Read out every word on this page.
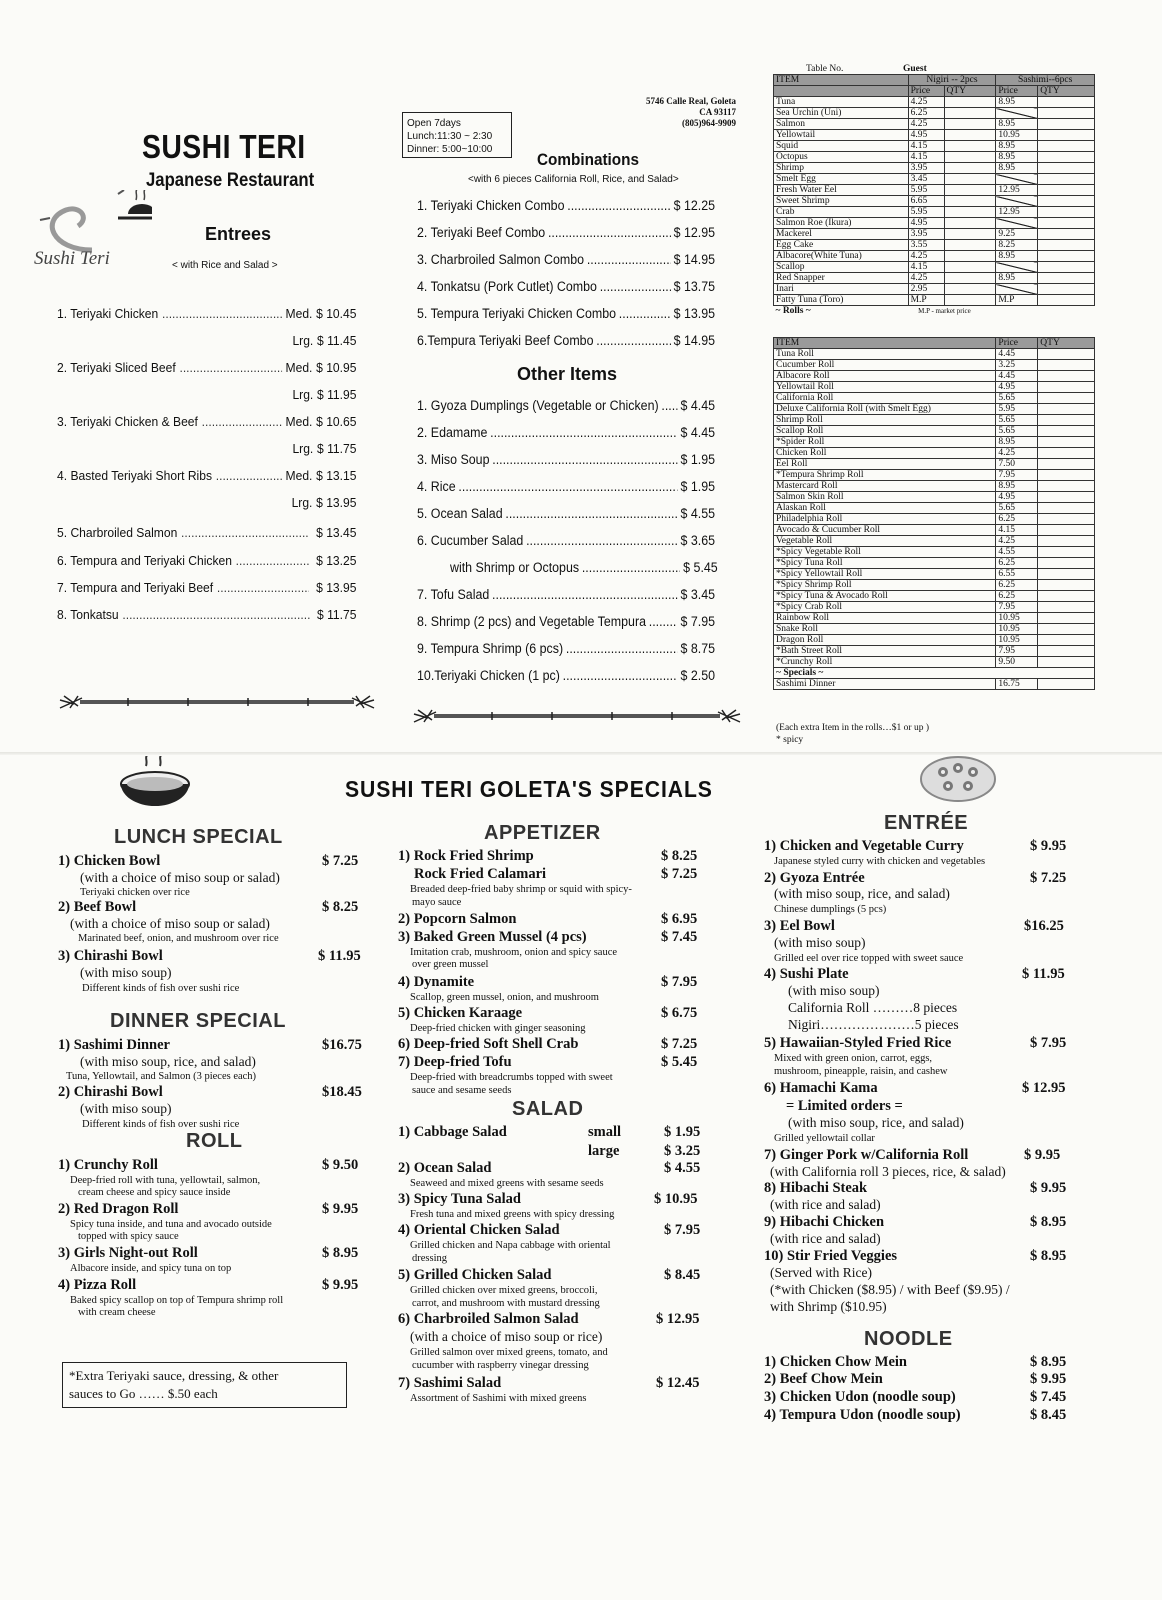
SUSHI TERI
Japanese Restaurant
Sushi Teri
Entrees
< with Rice and Salad >
1. Teriyaki Chicken .....	Med. $ 10.45
Lrg. $ 11.45
2. Teriyaki Sliced Beef .....	Med. $ 10.95
Lrg. $ 11.95
3. Teriyaki Chicken & Beef .....	Med. $ 10.65
Lrg. $ 11.75
4. Basted Teriyaki Short Ribs .....	Med. $ 13.15
Lrg. $ 13.95
5. Charbroiled Salmon .....	$ 13.45
6. Tempura and Teriyaki Chicken .....	$ 13.25
7. Tempura and Teriyaki Beef .....	$ 13.95
8. Tonkatsu .....	$ 11.75
Open 7days
Lunch:11:30 ~ 2:30
Dinner: 5:00~10:00
5746 Calle Real, Goleta
CA 93117
(805)964-9909
Combinations
<with 6 pieces California Roll, Rice, and Salad>
1. Teriyaki Chicken Combo .....	$ 12.25
2. Teriyaki Beef Combo .....	$ 12.95
3. Charbroiled Salmon Combo .....	$ 14.95
4. Tonkatsu (Pork Cutlet) Combo .....	$ 13.75
5. Tempura Teriyaki Chicken Combo .....	$ 13.95
6.Tempura Teriyaki Beef Combo .....	$ 14.95
Other Items
1. Gyoza Dumplings (Vegetable or Chicken) ..... $ 4.45
2. Edamame .....	$ 4.45
3. Miso Soup .....	$ 1.95
4. Rice .....	$ 1.95
5. Ocean Salad .....	$ 4.55
6. Cucumber Salad .....	$ 3.65
with Shrimp or Octopus .....	$ 5.45
7. Tofu Salad .....	$ 3.45
8. Shrimp (2 pcs) and Vegetable Tempura .....	$ 7.95
9. Tempura Shrimp (6 pcs) .....	$ 8.75
10.Teriyaki Chicken (1 pc) .....	$ 2.50
Table No.	Guest
ITEM	Nigiri -- 2pcs		Sashimi--6pcs	
	Price	QTY	Price	QTY
Tuna	4.25		8.95	
Sea Urchin (Uni)	6.25			
Salmon	4.25		8.95	
Yellowtail	4.95		10.95	
Squid	4.15		8.95	
Octopus	4.15		8.95	
Shrimp	3.95		8.95	
Smelt Egg	3.45			
Fresh Water Eel	5.95		12.95	
Sweet Shrimp	6.65			
Crab	5.95		12.95	
Salmon Roe (Ikura)	4.95			
Mackerel	3.95		9.25	
Egg Cake	3.55		8.25	
Albacore(White Tuna)	4.25		8.95	
Scallop	4.15			
Red Snapper	4.25		8.95	
Inari	2.95			
Fatty Tuna (Toro)	M.P		M.P	
~ Rolls ~	M.P - market price			
ITEM	Price	QTY
Tuna Roll	4.45	
Cucumber Roll	3.25	
Albacore Roll	4.45	
Yellowtail Roll	4.95	
California Roll	5.65	
Deluxe California Roll (with Smelt Egg)	5.95	
Shrimp Roll	5.65	
Scallop Roll	5.65	
*Spider Roll	8.95	
Chicken Roll	4.25	
Eel Roll	7.50	
*Tempura Shrimp Roll	7.95	
Mastercard Roll	8.95	
Salmon Skin Roll	4.95	
Alaskan Roll	5.65	
Philadelphia Roll	6.25	
Avocado & Cucumber Roll	4.15	
Vegetable Roll	4.25	
*Spicy Vegetable Roll	4.55	
*Spicy Tuna Roll	6.25	
*Spicy Yellowtail Roll	6.55	
*Spicy Shrimp Roll	6.25	
*Spicy Tuna & Avocado Roll	6.25	
*Spicy Crab Roll	7.95	
Rainbow Roll	10.95	
Snake Roll	10.95	
Dragon Roll	10.95	
*Bath Street Roll	7.95	
*Crunchy Roll	9.50	
~ Specials ~		
Sashimi Dinner	16.75	
(Each extra Item in the rolls…$1 or up )
* spicy
SUSHI TERI GOLETA'S SPECIALS
LUNCH SPECIAL
1) Chicken Bowl	$ 7.25
(with a choice of miso soup or salad)
Teriyaki chicken over rice
2) Beef Bowl	$ 8.25
(with a choice of miso soup or salad)
Marinated beef, onion, and mushroom over rice
3) Chirashi Bowl	$ 11.95
(with miso soup)
Different kinds of fish over sushi rice
DINNER SPECIAL
1) Sashimi Dinner	$16.75
(with miso soup, rice, and salad)
Tuna, Yellowtail, and Salmon (3 pieces each)
2) Chirashi Bowl	$18.45
(with miso soup)
Different kinds of fish over sushi rice
ROLL
1) Crunchy Roll	$ 9.50
Deep-fried roll with tuna, yellowtail, salmon,
cream cheese and spicy sauce inside
2) Red Dragon Roll	$ 9.95
Spicy tuna inside, and tuna and avocado outside
topped with spicy sauce
3) Girls Night-out Roll	$ 8.95
Albacore inside, and spicy tuna on top
4) Pizza Roll	$ 9.95
Baked spicy scallop on top of Tempura shrimp roll
with cream cheese
*Extra Teriyaki sauce, dressing, & other
sauces to Go …… $.50 each
APPETIZER
1) Rock Fried Shrimp	$ 8.25
Rock Fried Calamari	$ 7.25
Breaded deep-fried baby shrimp or squid with spicy-
mayo sauce
2) Popcorn Salmon	$ 6.95
3) Baked Green Mussel (4 pcs)	$ 7.45
Imitation crab, mushroom, onion and spicy sauce
over green mussel
4) Dynamite	$ 7.95
Scallop, green mussel, onion, and mushroom
5) Chicken Karaage	$ 6.75
Deep-fried chicken with ginger seasoning
6) Deep-fried Soft Shell Crab	$ 7.25
7) Deep-fried Tofu	$ 5.45
Deep-fried with breadcrumbs topped with sweet
sauce and sesame seeds
SALAD
1) Cabbage Salad	small	$ 1.95
large	$ 3.25
2) Ocean Salad	$ 4.55
Seaweed and mixed greens with sesame seeds
3) Spicy Tuna Salad	$ 10.95
Fresh tuna and mixed greens with spicy dressing
4) Oriental Chicken Salad	$ 7.95
Grilled chicken and Napa cabbage with oriental
dressing
5) Grilled Chicken Salad	$ 8.45
Grilled chicken over mixed greens, broccoli,
carrot, and mushroom with mustard dressing
6) Charbroiled Salmon Salad	$ 12.95
(with a choice of miso soup or rice)
Grilled salmon over mixed greens, tomato, and
cucumber with raspberry vinegar dressing
7) Sashimi Salad	$ 12.45
Assortment of Sashimi with mixed greens
ENTRÉE
1) Chicken and Vegetable Curry	$ 9.95
Japanese styled curry with chicken and vegetables
2) Gyoza Entrée	$ 7.25
(with miso soup, rice, and salad)
Chinese dumplings (5 pcs)
3) Eel Bowl	$16.25
(with miso soup)
Grilled eel over rice topped with sweet sauce
4) Sushi Plate	$ 11.95
(with miso soup)
California Roll ………8 pieces
Nigiri…………………5 pieces
5) Hawaiian-Styled Fried Rice	$ 7.95
Mixed with green onion, carrot, eggs,
mushroom, pineapple, raisin, and cashew
6) Hamachi Kama	$ 12.95
= Limited orders =
(with miso soup, rice, and salad)
Grilled yellowtail collar
7) Ginger Pork w/California Roll	$ 9.95
(with California roll 3 pieces, rice, & salad)
8) Hibachi Steak	$ 9.95
(with rice and salad)
9) Hibachi Chicken	$ 8.95
(with rice and salad)
10) Stir Fried Veggies	$ 8.95
(Served with Rice)
(*with Chicken ($8.95) / with Beef ($9.95) /
with Shrimp ($10.95)
NOODLE
1) Chicken Chow Mein	$ 8.95
2) Beef Chow Mein	$ 9.95
3) Chicken Udon (noodle soup)	$ 7.45
4) Tempura Udon (noodle soup)	$ 8.45
